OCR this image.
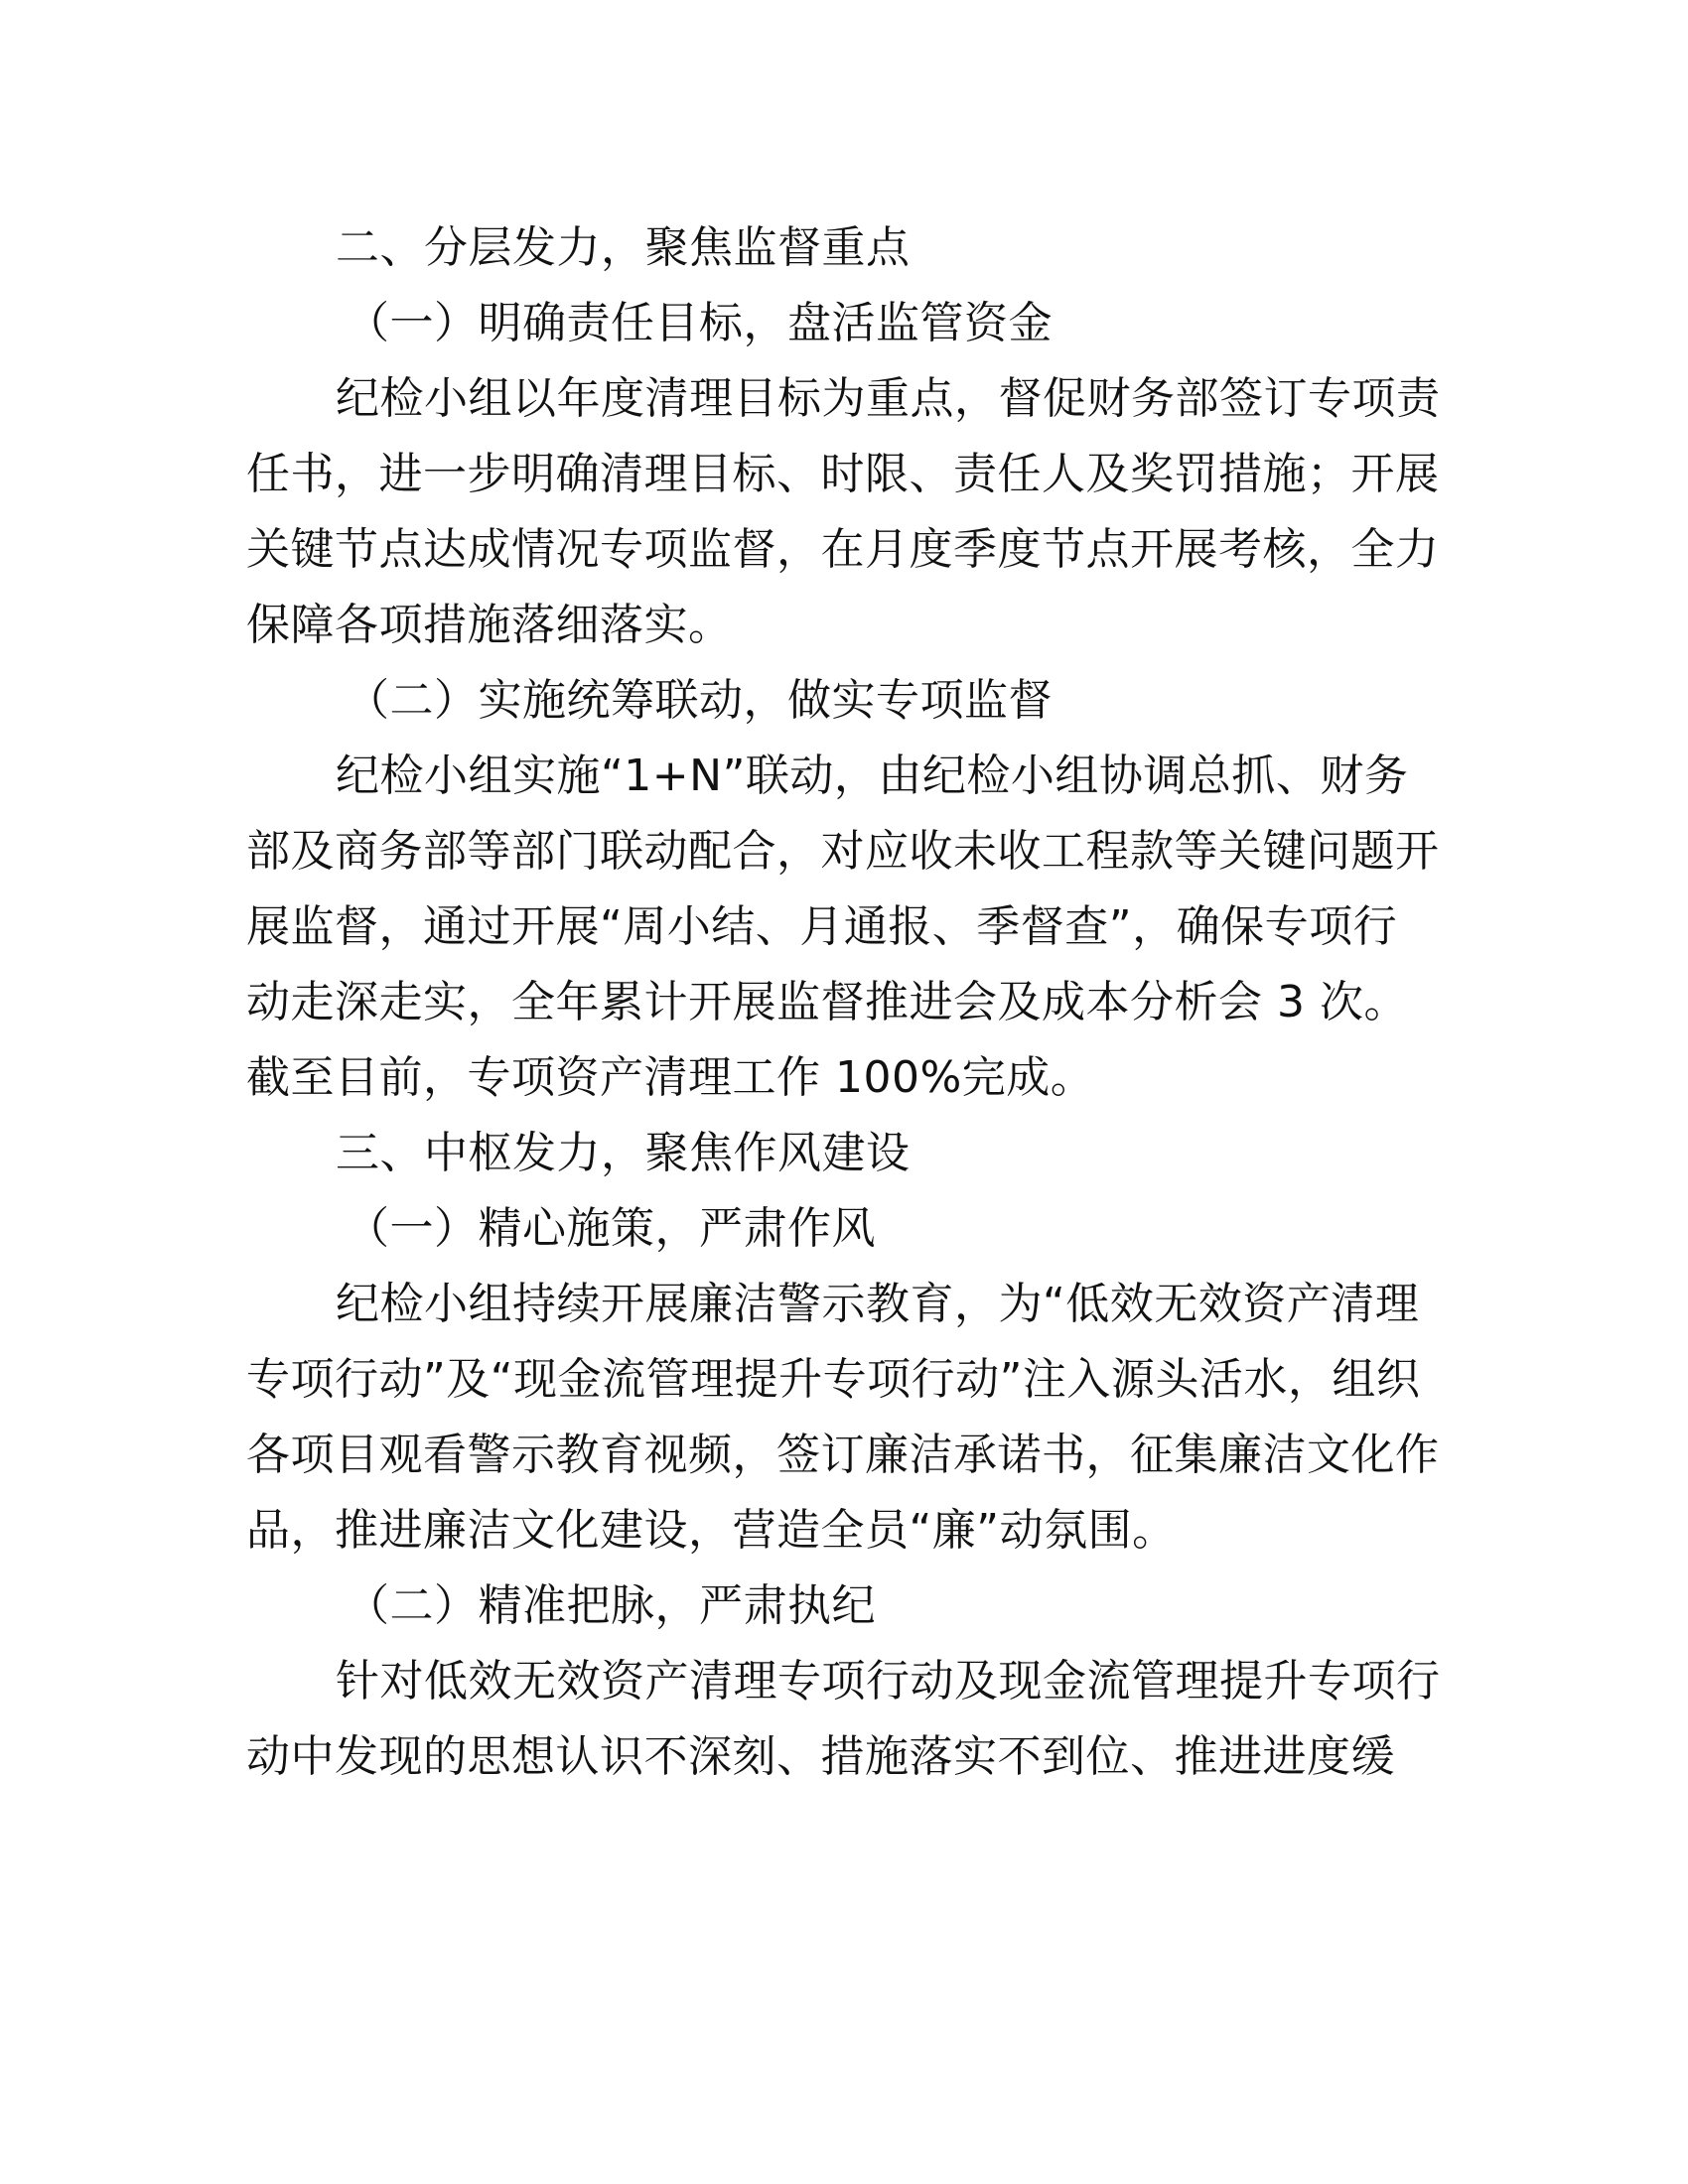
二、分层发力，聚焦监督重点
（一）明确责任目标，盘活监管资金
纪检小组以年度清理目标为重点，督促财务部签订专项责
任书，进一步明确清理目标、时限、责任人及奖罚措施；开展
关键节点达成情况专项监督，在月度季度节点开展考核，全力
保障各项措施落细落实。
（二）实施统筹联动，做实专项监督
纪检小组实施“1+N”联动，由纪检小组协调总抓、财务
部及商务部等部门联动配合，对应收未收工程款等关键问题开
展监督，通过开展“周小结、月通报、季督查”，确保专项行
动走深走实，全年累计开展监督推进会及成本分析会 3 次。
截至目前，专项资产清理工作 100%完成。
三、中枢发力，聚焦作风建设
（一）精心施策，严肃作风
纪检小组持续开展廉洁警示教育，为“低效无效资产清理
专项行动”及“现金流管理提升专项行动”注入源头活水，组织
各项目观看警示教育视频，签订廉洁承诺书，征集廉洁文化作
品，推进廉洁文化建设，营造全员“廉”动氛围。
（二）精准把脉，严肃执纪
针对低效无效资产清理专项行动及现金流管理提升专项行
动中发现的思想认识不深刻、措施落实不到位、推进进度缓
